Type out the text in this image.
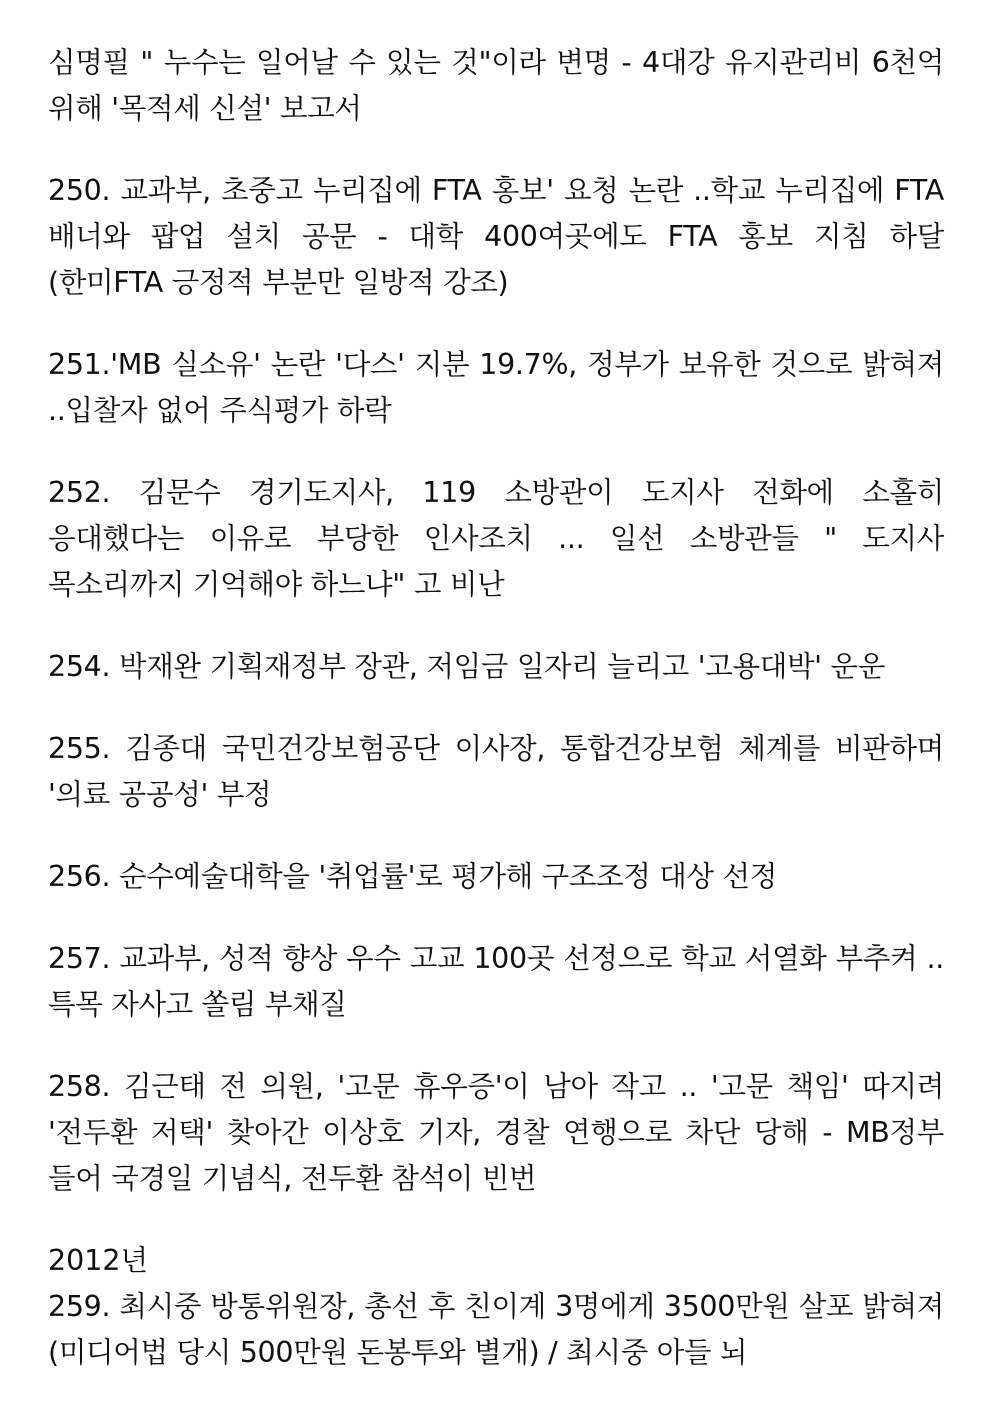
심명필 " 누수는 일어날 수 있는 것"이라 변명 - 4대강 유지관리비 6천억 위해 '목적세 신설' 보고서

250. 교과부, 초중고 누리집에 FTA 홍보' 요청 논란 ..학교 누리집에 FTA 배너와 팝업 설치 공문 - 대학 400여곳에도 FTA 홍보 지침 하달 (한미FTA 긍정적 부분만 일방적 강조)

251.'MB 실소유' 논란 '다스' 지분 19.7%, 정부가 보유한 것으로 밝혀져 ..입찰자 없어 주식평가 하락

252. 김문수 경기도지사, 119 소방관이 도지사 전화에 소홀히 응대했다는 이유로 부당한 인사조치 ... 일선 소방관들 " 도지사 목소리까지 기억해야 하느냐" 고 비난

254. 박재완 기획재정부 장관, 저임금 일자리 늘리고 '고용대박' 운운

255. 김종대 국민건강보험공단 이사장, 통합건강보험 체계를 비판하며 '의료 공공성' 부정

256. 순수예술대학을 '취업률'로 평가해 구조조정 대상 선정

257. 교과부, 성적 향상 우수 고교 100곳 선정으로 학교 서열화 부추켜 .. 특목 자사고 쏠림 부채질

258. 김근태 전 의원, '고문 휴우증'이 남아 작고 .. '고문 책임' 따지려 '전두환 저택' 찾아간 이상호 기자, 경찰 연행으로 차단 당해 - MB정부 들어 국경일 기념식, 전두환 참석이 빈번

2012년

259. 최시중 방통위원장, 총선 후 친이계 3명에게 3500만원 살포 밝혀져 (미디어법 당시 500만원 돈봉투와 별개) / 최시중 아들 뇌
